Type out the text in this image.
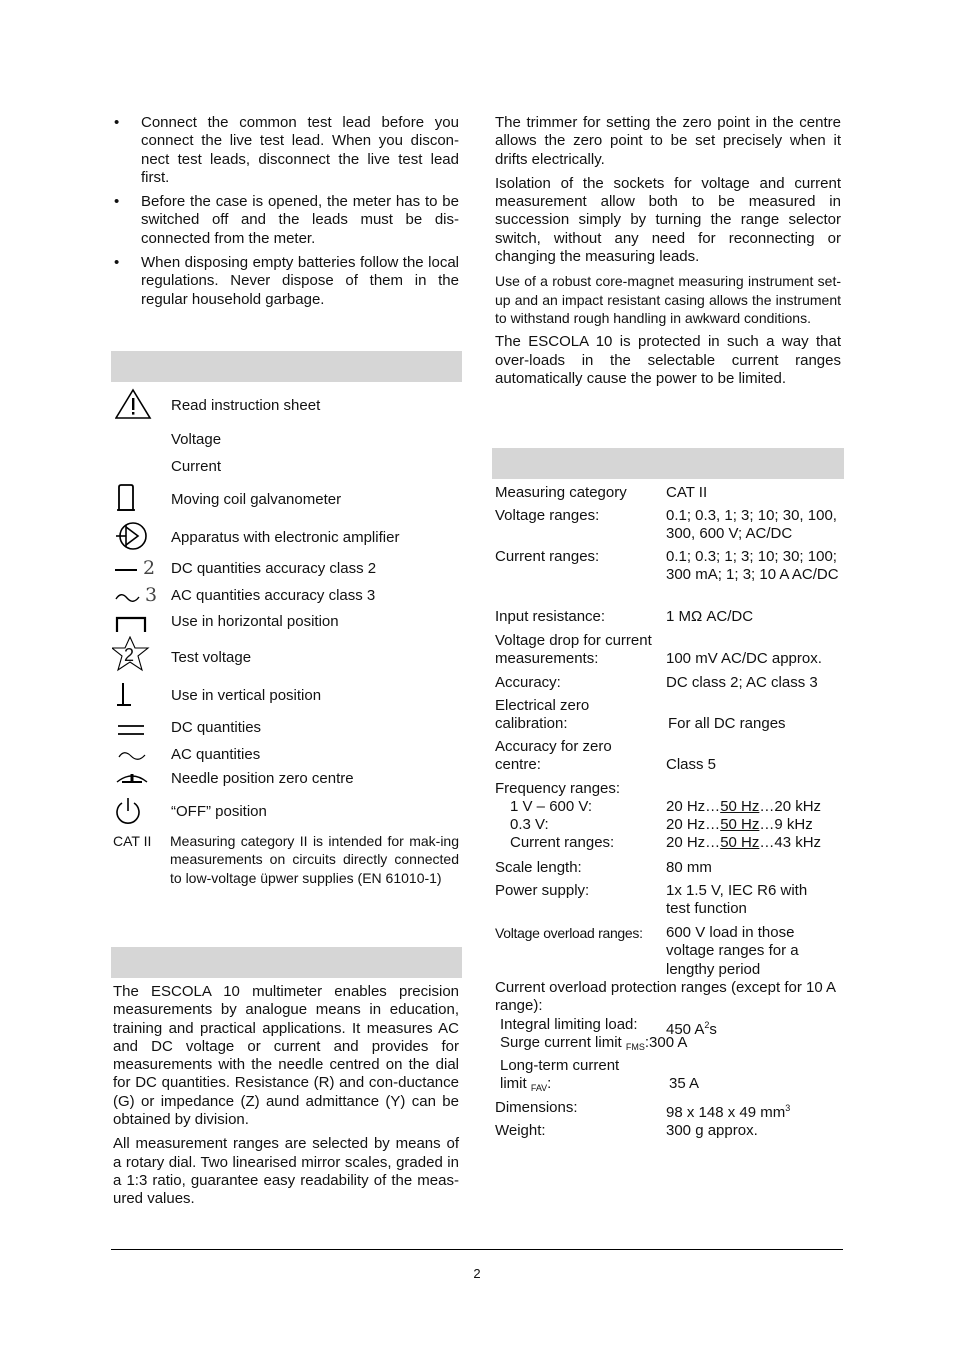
• Connect the common test lead before you connect the live test lead. When you discon-nect test leads, disconnect the live test lead first.
• Before the case is opened, the meter has to be switched off and the leads must be dis-connected from the meter.
• When disposing empty batteries follow the local regulations. Never dispose of them in the regular household garbage.
Read instruction sheet
Voltage
Current
Moving coil galvanometer
Apparatus with electronic amplifier
2 DC quantities accuracy class 2
3 AC quantities accuracy class 3
Use in horizontal position
2 Test voltage
Use in vertical position
DC quantities
AC quantities
Needle position zero centre
“OFF” position
CAT II Measuring category II is intended for mak-ing measurements on circuits directly connected to low-voltage üpwer supplies (EN 61010-1)

The ESCOLA 10 multimeter enables precision measurements by analogue means in education, training and practical applications. It measures AC and DC voltage or current and provides for measurements with the needle centred on the dial for DC quantities. Resistance (R) and con-ductance (G) or impedance (Z) aund admittance (Y) can be obtained by division.

All measurement ranges are selected by means of a rotary dial. Two linearised mirror scales, graded in a 1:3 ratio, guarantee easy readability of the meas-ured values.

The trimmer for setting the zero point in the centre allows the zero point to be set precisely when it drifts electrically.

Isolation of the sockets for voltage and current measurement allow both to be measured in succession simply by turning the range selector switch, without any need for reconnecting or changing the measuring leads.

Use of a robust core-magnet measuring instrument set-up and an impact resistant casing allows the instrument to withstand rough handling in awkward conditions.

The ESCOLA 10 is protected in such a way that over-loads in the selectable current ranges automatically cause the power to be limited.

Measuring category	CAT II
Voltage ranges:	0.1; 0.3, 1; 3; 10; 30, 100, 300, 600 V; AC/DC
Current ranges:	0.1; 0.3; 1; 3; 10; 30; 100; 300 mA; 1; 3; 10 A AC/DC
Input resistance:	1 MΩ AC/DC
Voltage drop for current
measurements:	100 mV AC/DC approx.
Accuracy:	DC class 2; AC class 3
Electrical zero
calibration:	For all DC ranges
Accuracy for zero
centre:	Class 5
Frequency ranges:
1 V – 600 V:	20 Hz…50 Hz…20 kHz
0.3 V:	20 Hz…50 Hz…9 kHz
Current ranges:	20 Hz…50 Hz…43 kHz
Scale length:	80 mm
Power supply:	1x 1.5 V, IEC R6 with test function
Voltage overload ranges: 600 V load in those voltage ranges for a lengthy period
Current overload protection ranges (except for 10 A range):
Integral limiting load: 450 $A^2s$
Surge current limit $_{FMS}$:300 A
Long-term current
limit $_{FAV}$:	35 A
Dimensions:	98 x 148 x 49 $mm^3$
Weight:	300 g approx.
2
